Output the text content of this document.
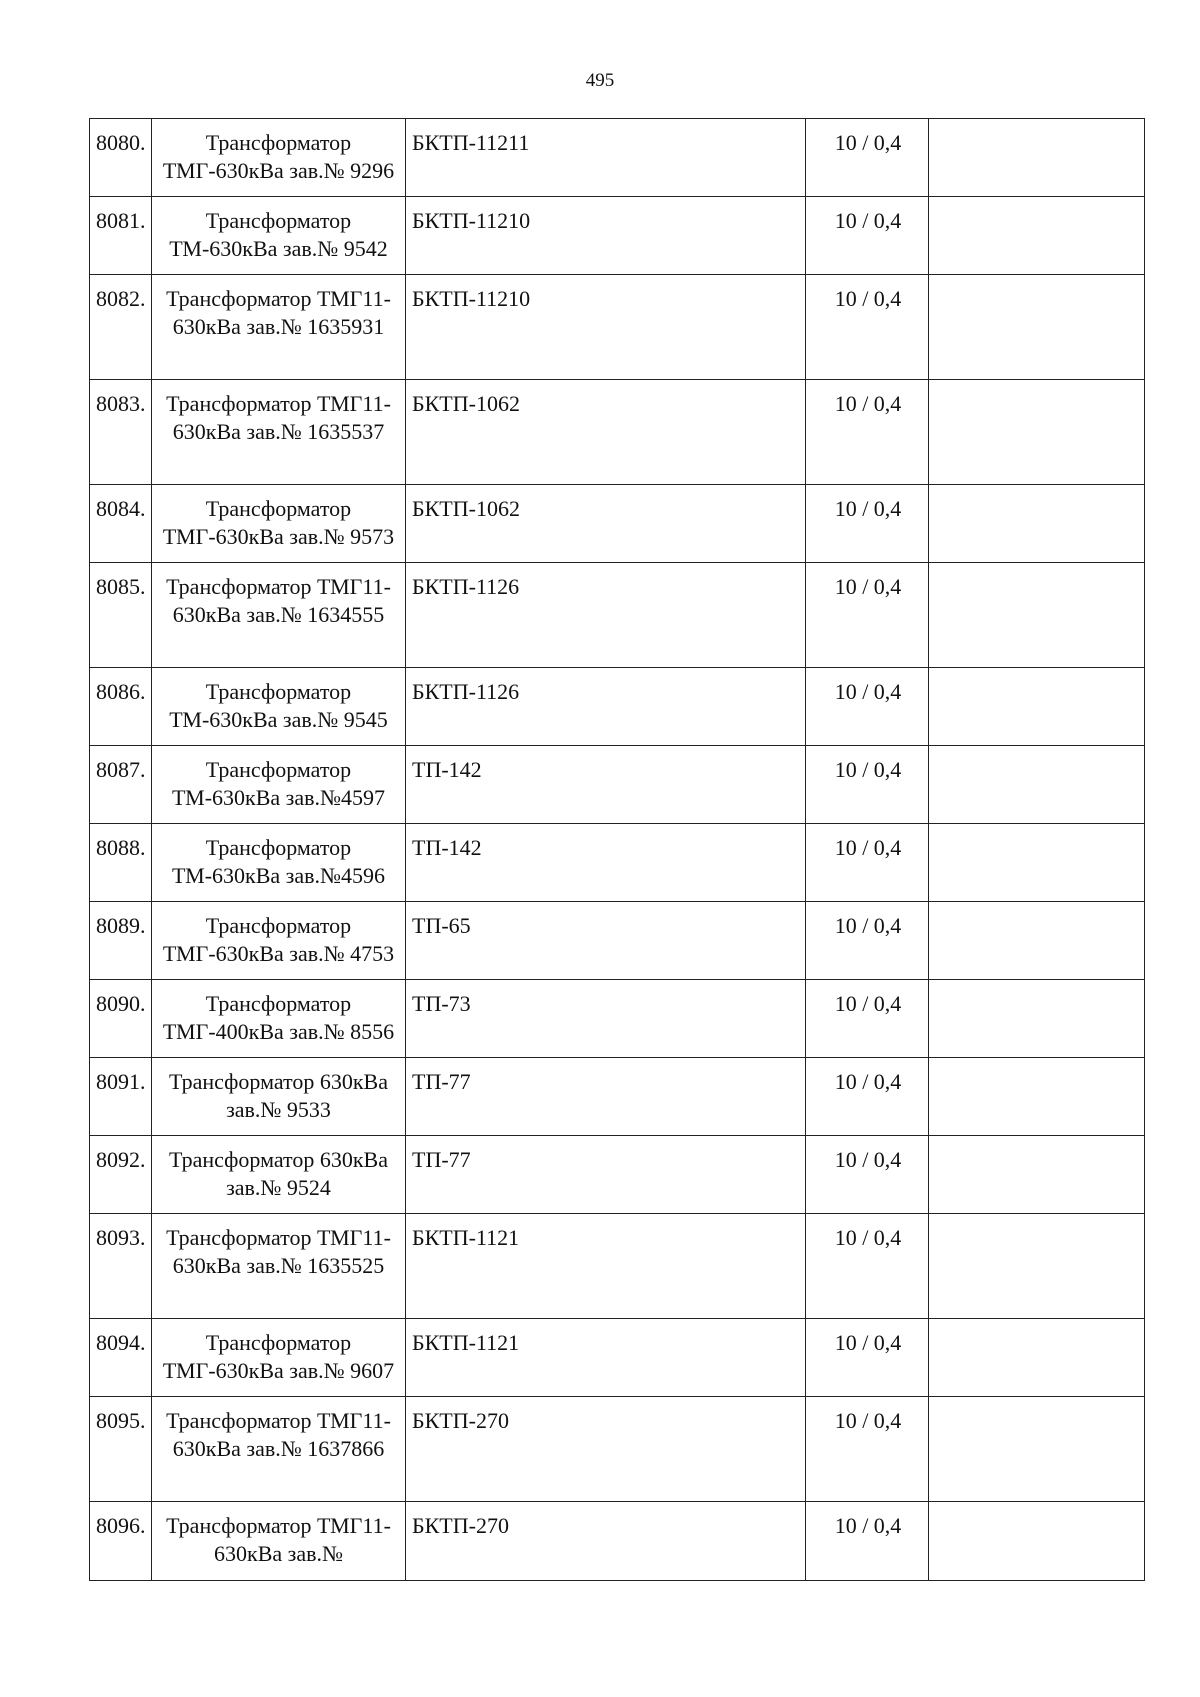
495
8080.	Трансформатор ТМГ-630кВа зав.№ 9296	БКТП-11211	10 / 0,4	
8081.	Трансформатор ТМ-630кВа зав.№ 9542	БКТП-11210	10 / 0,4	
8082.	Трансформатор ТМГ11-630кВа зав.№ 1635931	БКТП-11210	10 / 0,4	
8083.	Трансформатор ТМГ11-630кВа зав.№ 1635537	БКТП-1062	10 / 0,4	
8084.	Трансформатор ТМГ-630кВа зав.№ 9573	БКТП-1062	10 / 0,4	
8085.	Трансформатор ТМГ11-630кВа зав.№ 1634555	БКТП-1126	10 / 0,4	
8086.	Трансформатор ТМ-630кВа зав.№ 9545	БКТП-1126	10 / 0,4	
8087.	Трансформатор ТМ-630кВа зав.№4597	ТП-142	10 / 0,4	
8088.	Трансформатор ТМ-630кВа зав.№4596	ТП-142	10 / 0,4	
8089.	Трансформатор ТМГ-630кВа зав.№ 4753	ТП-65	10 / 0,4	
8090.	Трансформатор ТМГ-400кВа зав.№ 8556	ТП-73	10 / 0,4	
8091.	Трансформатор 630кВа зав.№ 9533	ТП-77	10 / 0,4	
8092.	Трансформатор 630кВа зав.№ 9524	ТП-77	10 / 0,4	
8093.	Трансформатор ТМГ11- 630кВа зав.№ 1635525	БКТП-1121	10 / 0,4	
8094.	Трансформатор ТМГ-630кВа зав.№ 9607	БКТП-1121	10 / 0,4	
8095.	Трансформатор ТМГ11-630кВа зав.№ 1637866	БКТП-270	10 / 0,4	
8096.	Трансформатор ТМГ11-630кВа зав.№	БКТП-270	10 / 0,4	
